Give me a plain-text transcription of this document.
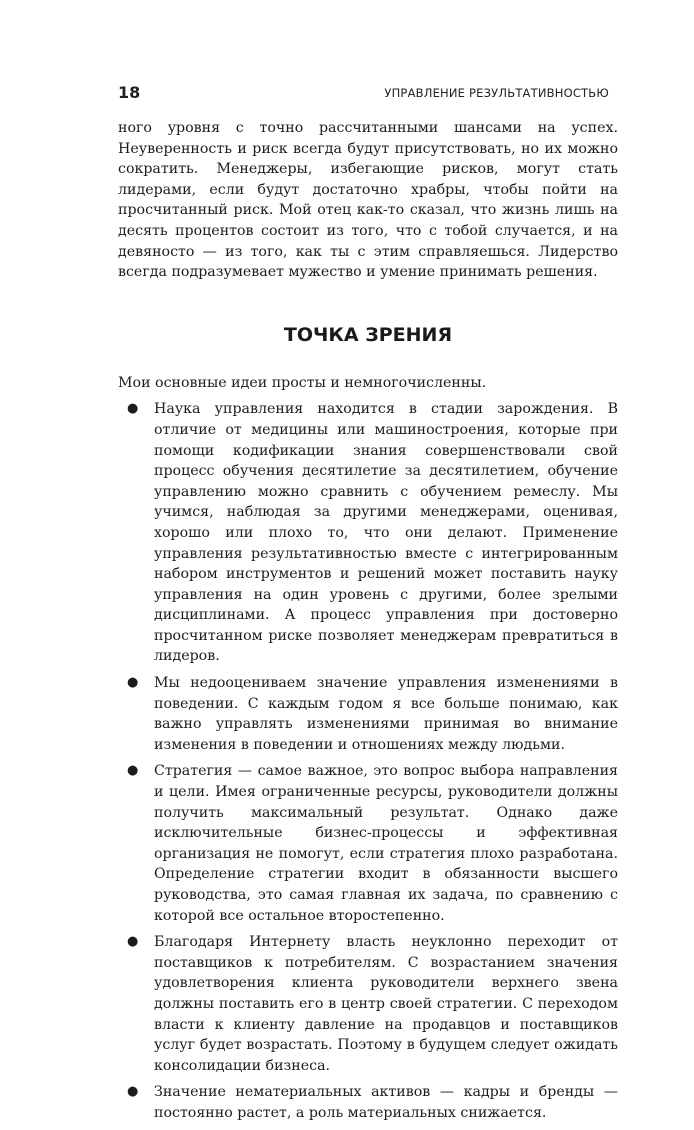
18	УПРАВЛЕНИЕ РЕЗУЛЬТАТИВНОСТЬЮ

ного уровня с точно рассчитанными шансами на успех. Неуверенность и риск всегда будут присутствовать, но их можно сократить. Менеджеры, избегающие рисков, могут стать лидерами, если будут достаточно храбры, чтобы пойти на просчитанный риск. Мой отец как-то сказал, что жизнь лишь на десять процентов состоит из того, что с тобой случается, и на девяносто — из того, как ты с этим справляешься. Лидерство всегда подразумевает мужество и умение принимать решения.

ТОЧКА ЗРЕНИЯ

Мои основные идеи просты и немногочисленны.

● Наука управления находится в стадии зарождения. В отличие от медицины или машиностроения, которые при помощи кодификации знания совершенствовали свой процесс обучения десятилетие за десятилетием, обучение управлению можно сравнить с обучением ремеслу. Мы учимся, наблюдая за другими менеджерами, оценивая, хорошо или плохо то, что они делают. Применение управления результативностью вместе с интегрированным набором инструментов и решений может поставить науку управления на один уровень с другими, более зрелыми дисциплинами. А процесс управления при достоверно просчитанном риске позволяет менеджерам превратиться в лидеров.
● Мы недооцениваем значение управления изменениями в поведении. С каждым годом я все больше понимаю, как важно управлять изменениями принимая во внимание изменения в поведении и отношениях между людьми.
● Стратегия — самое важное, это вопрос выбора направления и цели. Имея ограниченные ресурсы, руководители должны получить максимальный результат. Однако даже исключительные бизнес-процессы и эффективная организация не помогут, если стратегия плохо разработана. Определение стратегии входит в обязанности высшего руководства, это самая главная их задача, по сравнению с которой все остальное второстепенно.
● Благодаря Интернету власть неуклонно переходит от поставщиков к потребителям. С возрастанием значения удовлетворения клиента руководители верхнего звена должны поставить его в центр своей стратегии. С переходом власти к клиенту давление на продавцов и поставщиков услуг будет возрастать. Поэтому в будущем следует ожидать консолидации бизнеса.
● Значение нематериальных активов — кадры и бренды — постоянно растет, а роль материальных снижается.
